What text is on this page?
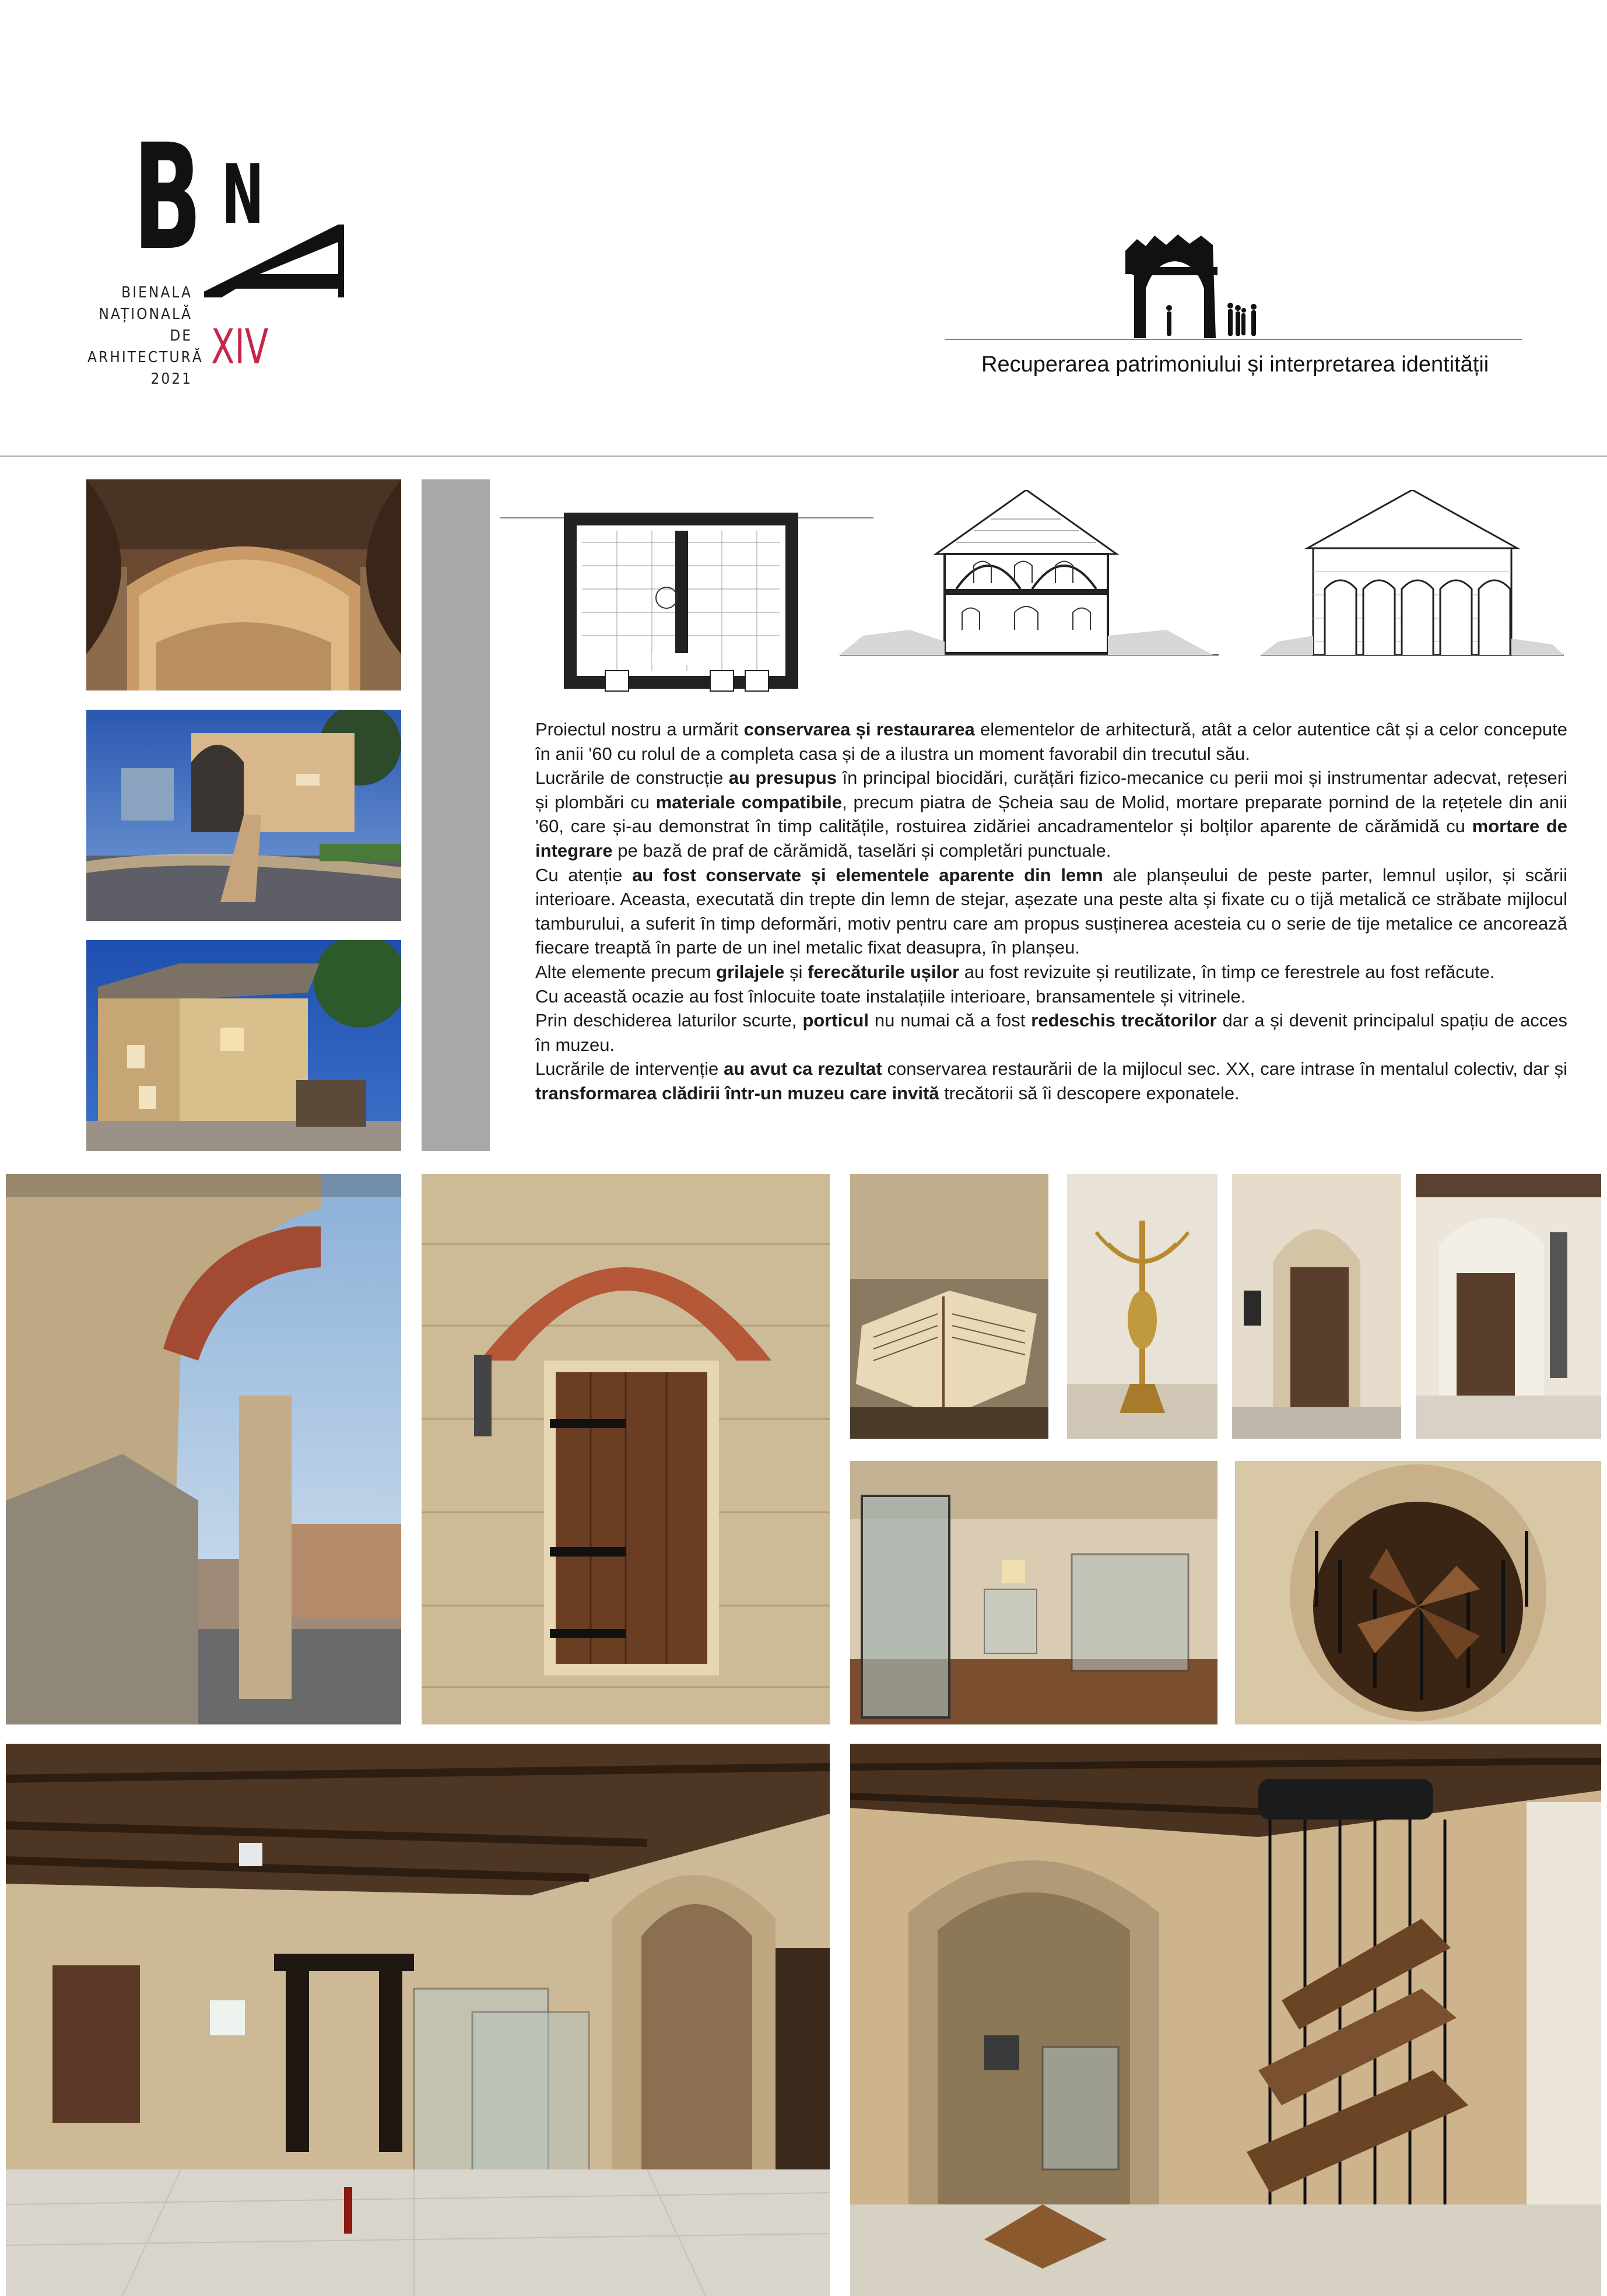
B N
BIENALA
NAȚIONALĂ
DE
ARHITECTURĂ
2021
XIV	Recuperarea patrimoniului și interpretarea identității

Proiectul nostru a urmărit conservarea și restaurarea elementelor de arhitectură, atât a celor autentice cât și a celor concepute în anii '60 cu rolul de a completa casa și de a ilustra un moment favorabil din trecutul său.

Lucrările de construcție au presupus în principal biocidări, curățări fizico-mecanice cu perii moi și instrumentar adecvat, rețeseri și plombări cu materiale compatibile, precum piatra de Șcheia sau de Molid, mortare preparate pornind de la rețetele din anii '60, care și-au demonstrat în timp calitățile, rostuirea zidăriei ancadramentelor și bolților aparente de cărămidă cu mortare de integrare pe bază de praf de cărămidă, taselări și completări punctuale.

Cu atenție au fost conservate și elementele aparente din lemn ale planșeului de peste parter, lemnul ușilor, și scării interioare. Aceasta, executată din trepte din lemn de stejar, așezate una peste alta și fixate cu o tijă metalică ce străbate mijlocul tamburului, a suferit în timp deformări, motiv pentru care am propus susținerea acesteia cu o serie de tije metalice ce ancorează fiecare treaptă în parte de un inel metalic fixat deasupra, în planșeu.

Alte elemente precum grilajele și ferecăturile ușilor au fost revizuite și reutilizate, în timp ce ferestrele au fost refăcute.

Cu această ocazie au fost înlocuite toate instalațiile interioare, bransamentele și vitrinele.

Prin deschiderea laturilor scurte, porticul nu numai că a fost redeschis trecătorilor dar a și devenit principalul spațiu de acces în muzeu.

Lucrările de intervenție au avut ca rezultat conservarea restaurării de la mijlocul sec. XX, care intrase în mentalul colectiv, dar și transformarea clădirii într-un muzeu care invită trecătorii să îi descopere exponatele.
